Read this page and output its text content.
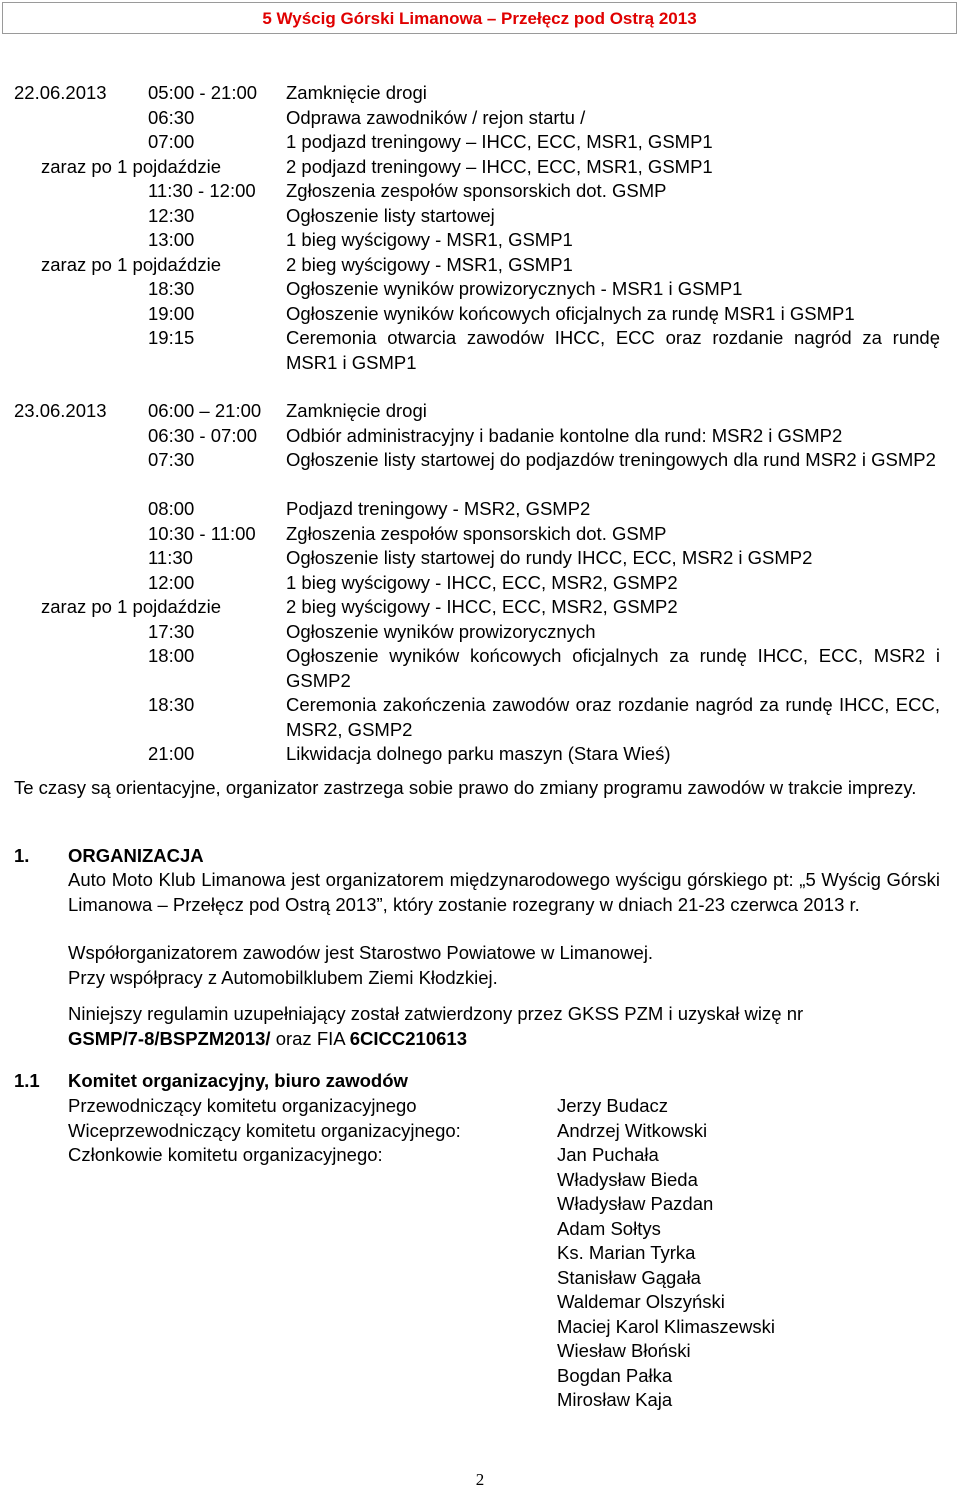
5 Wyścig Górski Limanowa – Przełęcz pod Ostrą 2013
22.06.2013 05:00 - 21:00 Zamknięcie drogi
06:30	Odprawa zawodników / rejon startu /
07:00	1 podjazd treningowy – IHCC, ECC, MSR1, GSMP1
zaraz po 1 pojdaździe	2 podjazd treningowy – IHCC, ECC, MSR1, GSMP1
11:30 - 12:00 Zgłoszenia zespołów sponsorskich dot. GSMP
12:30	Ogłoszenie listy startowej
13:00	1 bieg wyścigowy - MSR1, GSMP1
zaraz po 1 pojdaździe	2 bieg wyścigowy - MSR1, GSMP1
18:30	Ogłoszenie wyników prowizorycznych - MSR1 i GSMP1
19:00	Ogłoszenie wyników końcowych oficjalnych za rundę MSR1 i GSMP1
19:15	Ceremonia otwarcia zawodów IHCC, ECC oraz rozdanie nagród za rundę MSR1 i GSMP1
23.06.2013 06:00 – 21:00 Zamknięcie drogi
06:30 - 07:00 Odbiór administracyjny i badanie kontolne dla rund: MSR2 i GSMP2
07:30	Ogłoszenie listy startowej do podjazdów treningowych dla rund MSR2 i GSMP2
08:00	Podjazd treningowy - MSR2, GSMP2
10:30 - 11:00 Zgłoszenia zespołów sponsorskich dot. GSMP
11:30	Ogłoszenie listy startowej do rundy IHCC, ECC, MSR2 i GSMP2
12:00	1 bieg wyścigowy - IHCC, ECC, MSR2, GSMP2
zaraz po 1 pojdaździe	2 bieg wyścigowy - IHCC, ECC, MSR2, GSMP2
17:30	Ogłoszenie wyników prowizorycznych
18:00	Ogłoszenie wyników końcowych oficjalnych za rundę IHCC, ECC, MSR2 i GSMP2
18:30	Ceremonia zakończenia zawodów oraz rozdanie nagród za rundę IHCC, ECC, MSR2, GSMP2
21:00	Likwidacja dolnego parku maszyn (Stara Wieś)
Te czasy są orientacyjne, organizator zastrzega sobie prawo do zmiany programu zawodów w trakcie imprezy.
1. ORGANIZACJA
Auto Moto Klub Limanowa jest organizatorem międzynarodowego wyścigu górskiego pt: „5 Wyścig Górski Limanowa – Przełęcz pod Ostrą 2013”, który zostanie rozegrany w dniach 21-23 czerwca 2013 r.
Współorganizatorem zawodów jest Starostwo Powiatowe w Limanowej.
Przy współpracy z Automobilklubem Ziemi Kłodzkiej.
Niniejszy regulamin uzupełniający został zatwierdzony przez GKSS PZM i uzyskał wizę nr
GSMP/7-8/BSPZM2013/ oraz FIA 6CICC210613
1.1 Komitet organizacyjny, biuro zawodów
Przewodniczący komitetu organizacyjnego	Jerzy Budacz
Wiceprzewodniczący komitetu organizacyjnego:	Andrzej Witkowski
Członkowie komitetu organizacyjnego:	Jan Puchała
Władysław Bieda
Władysław Pazdan
Adam Sołtys
Ks. Marian Tyrka
Stanisław Gągała
Waldemar Olszyński
Maciej Karol Klimaszewski
Wiesław Błoński
Bogdan Pałka
Mirosław Kaja
2
